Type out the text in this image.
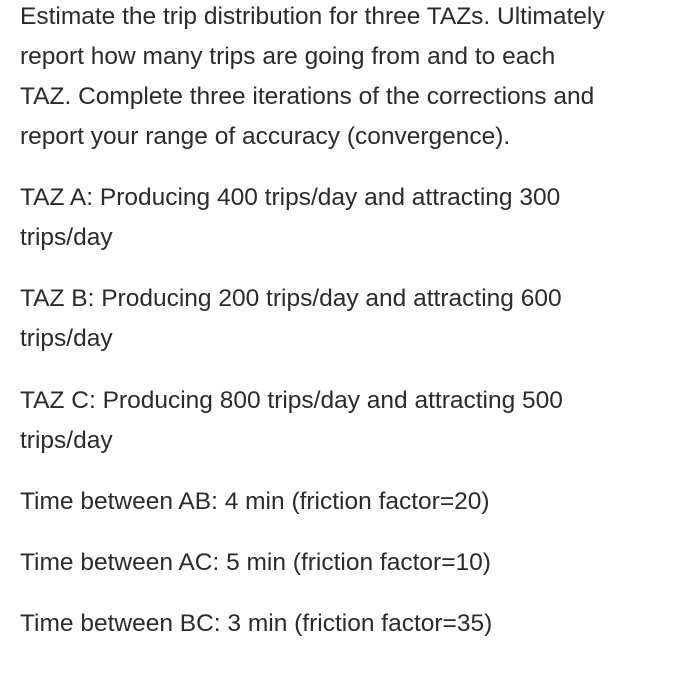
Estimate the trip distribution for three TAZs. Ultimately
report how many trips are going from and to each
TAZ. Complete three iterations of the corrections and
report your range of accuracy (convergence).
TAZ A: Producing 400 trips/day and attracting 300
trips/day
TAZ B: Producing 200 trips/day and attracting 600
trips/day
TAZ C: Producing 800 trips/day and attracting 500
trips/day
Time between AB: 4 min (friction factor=20)
Time between AC: 5 min (friction factor=10)
Time between BC: 3 min (friction factor=35)
